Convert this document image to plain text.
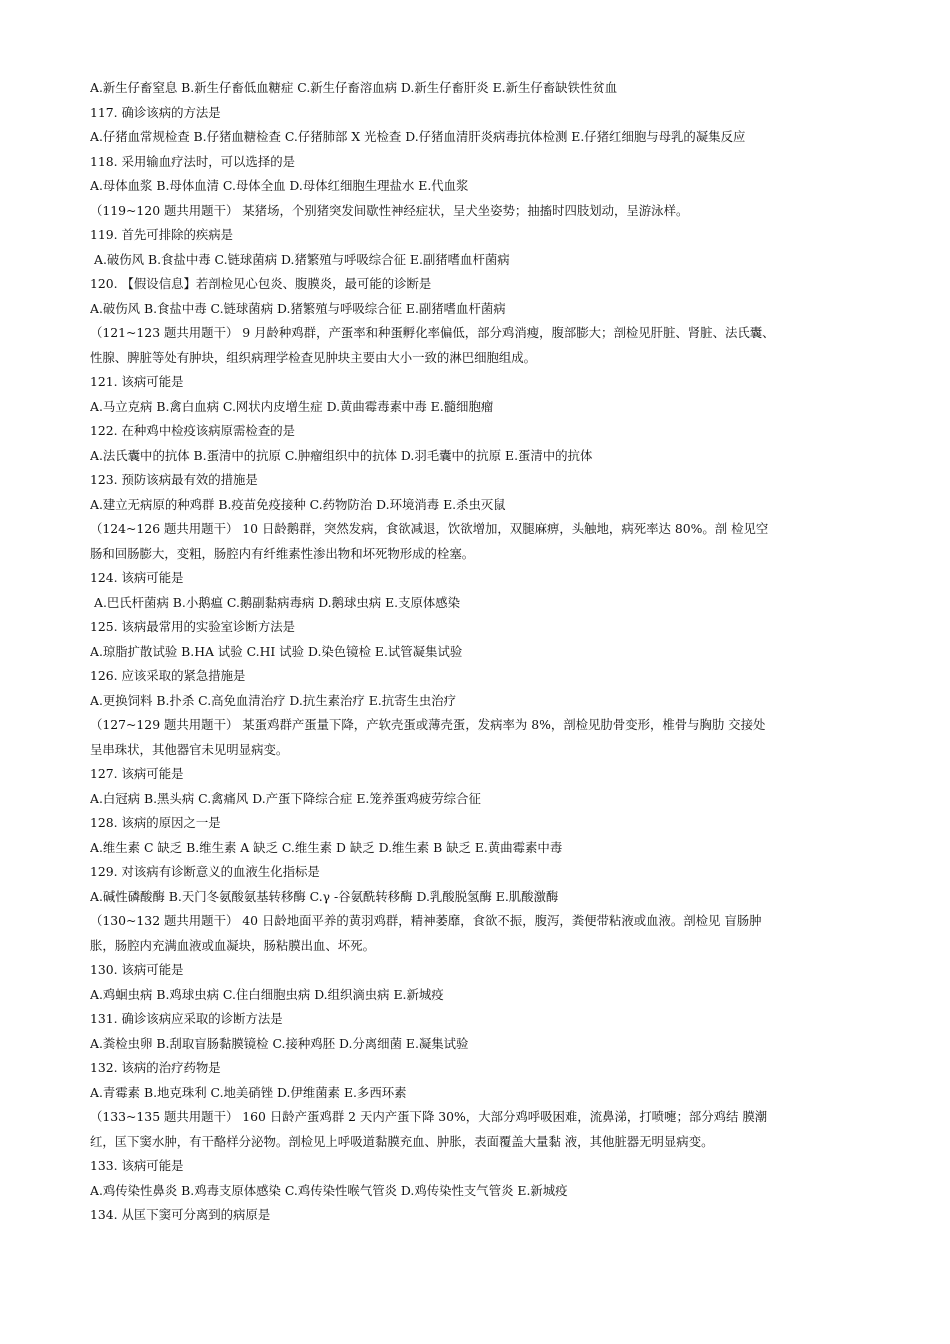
A.新生仔畜窒息 B.新生仔畜低血糖症 C.新生仔畜溶血病 D.新生仔畜肝炎 E.新生仔畜缺铁性贫血
117. 确诊该病的方法是
A.仔猪血常规检查 B.仔猪血糖检查 C.仔猪肺部 X 光检查 D.仔猪血清肝炎病毒抗体检测 E.仔猪红细胞与母乳的凝集反应
118. 采用输血疗法时，可以选择的是
A.母体血浆 B.母体血清 C.母体全血 D.母体红细胞生理盐水 E.代血浆
（119~120 题共用题干） 某猪场，个别猪突发间歇性神经症状，呈犬坐姿势；抽搐时四肢划动，呈游泳样。
119. 首先可排除的疾病是
A.破伤风 B.食盐中毒 C.链球菌病 D.猪繁殖与呼吸综合征 E.副猪嗜血杆菌病
120. 【假设信息】若剖检见心包炎、腹膜炎，最可能的诊断是
A.破伤风 B.食盐中毒 C.链球菌病 D.猪繁殖与呼吸综合征 E.副猪嗜血杆菌病
（121~123 题共用题干） 9 月龄种鸡群，产蛋率和种蛋孵化率偏低，部分鸡消瘦，腹部膨大；剖检见肝脏、肾脏、法氏囊、
性腺、脾脏等处有肿块，组织病理学检查见肿块主要由大小一致的淋巴细胞组成。
121. 该病可能是
A.马立克病 B.禽白血病 C.网状内皮增生症 D.黄曲霉毒素中毒 E.髓细胞瘤
122. 在种鸡中检疫该病原需检查的是
A.法氏囊中的抗体 B.蛋清中的抗原 C.肿瘤组织中的抗体 D.羽毛囊中的抗原 E.蛋清中的抗体
123. 预防该病最有效的措施是
A.建立无病原的种鸡群 B.疫苗免疫接种 C.药物防治 D.环境消毒 E.杀虫灭鼠
（124~126 题共用题干） 10 日龄鹅群，突然发病，食欲减退，饮欲增加，双腿麻痹，头触地，病死率达 80%。剖 检见空
肠和回肠膨大，变粗，肠腔内有纤维素性渗出物和坏死物形成的栓塞。
124. 该病可能是
A.巴氏杆菌病 B.小鹅瘟 C.鹅副黏病毒病 D.鹅球虫病 E.支原体感染
125. 该病最常用的实验室诊断方法是
A.琼脂扩散试验 B.HA 试验 C.HI 试验 D.染色镜检 E.试管凝集试验
126. 应该采取的紧急措施是
A.更换饲料 B.扑杀 C.高免血清治疗 D.抗生素治疗 E.抗寄生虫治疗
（127~129 题共用题干） 某蛋鸡群产蛋量下降，产软壳蛋或薄壳蛋，发病率为 8%，剖检见肋骨变形，椎骨与胸肋 交接处
呈串珠状，其他器官未见明显病变。
127. 该病可能是
A.白冠病 B.黑头病 C.禽痛风 D.产蛋下降综合症 E.笼养蛋鸡疲劳综合征
128. 该病的原因之一是
A.维生素 C 缺乏 B.维生素 A 缺乏 C.维生素 D 缺乏 D.维生素 B 缺乏 E.黄曲霉素中毒
129. 对该病有诊断意义的血液生化指标是
A.碱性磷酸酶 B.天门冬氨酸氨基转移酶 C.γ -谷氨酰转移酶 D.乳酸脱氢酶 E.肌酸激酶
（130~132 题共用题干） 40 日龄地面平养的黄羽鸡群，精神萎靡，食欲不振，腹泻，粪便带粘液或血液。剖检见 盲肠肿
胀，肠腔内充满血液或血凝块，肠粘膜出血、坏死。
130. 该病可能是
A.鸡蛔虫病 B.鸡球虫病 C.住白细胞虫病 D.组织滴虫病 E.新城疫
131. 确诊该病应采取的诊断方法是
A.粪检虫卵 B.刮取盲肠黏膜镜检 C.接种鸡胚 D.分离细菌 E.凝集试验
132. 该病的治疗药物是
A.青霉素 B.地克珠利 C.地美硝锉 D.伊维菌素 E.多西环素
（133~135 题共用题干） 160 日龄产蛋鸡群 2 天内产蛋下降 30%，大部分鸡呼吸困难，流鼻涕，打喷嚏；部分鸡结 膜潮
红，匡下窦水肿，有干酪样分泌物。剖检见上呼吸道黏膜充血、肿胀，表面覆盖大量黏 液，其他脏器无明显病变。
133. 该病可能是
A.鸡传染性鼻炎 B.鸡毒支原体感染 C.鸡传染性喉气管炎 D.鸡传染性支气管炎 E.新城疫
134. 从匡下窦可分离到的病原是
